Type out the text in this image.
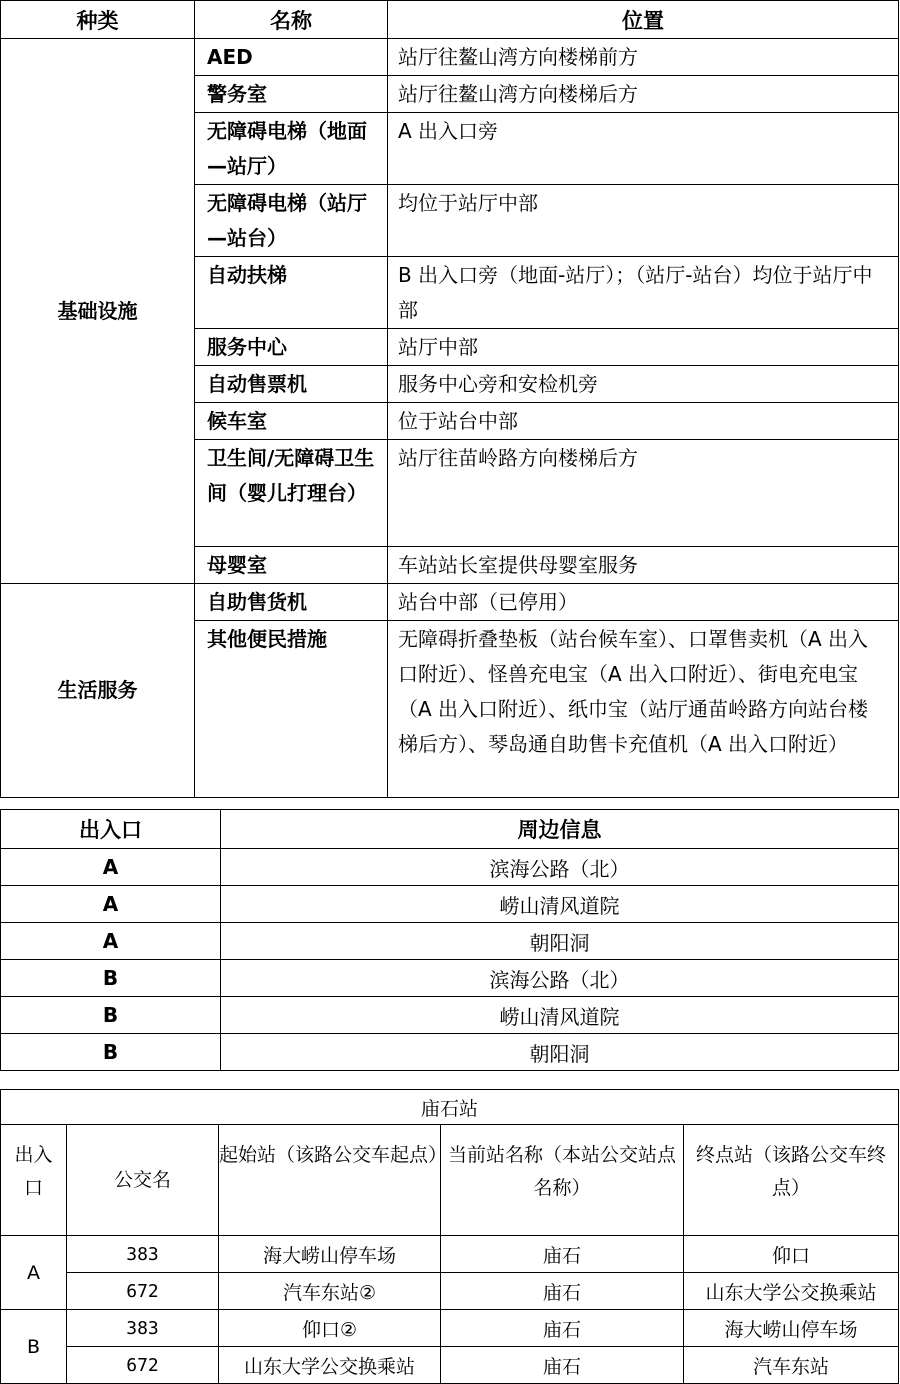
种类	名称	位置
基础设施	AED	站厅往鳌山湾方向楼梯前方
	警务室	站厅往鳌山湾方向楼梯后方
	无障碍电梯（地面—站厅）	A 出入口旁
	无障碍电梯（站厅—站台）	均位于站厅中部
	自动扶梯	B 出入口旁（地面-站厅）；（站厅-站台）均位于站厅中部
	服务中心	站厅中部
	自动售票机	服务中心旁和安检机旁
	候车室	位于站台中部
	卫生间/无障碍卫生间（婴儿打理台）	站厅往苗岭路方向楼梯后方
	母婴室	车站站长室提供母婴室服务
生活服务	自助售货机	站台中部（已停用）
	其他便民措施	无障碍折叠垫板（站台候车室）、口罩售卖机（A 出入口附近）、怪兽充电宝（A 出入口附近）、街电充电宝（A 出入口附近）、纸巾宝（站厅通苗岭路方向站台楼梯后方）、琴岛通自助售卡充值机（A 出入口附近）
出入口	周边信息
A	滨海公路（北）
A	崂山清风道院
A	朝阳洞
B	滨海公路（北）
B	崂山清风道院
B	朝阳洞
庙石站				
出入口	公交名	起始站（该路公交车起点）	当前站名称（本站公交站点名称）	终点站（该路公交车终点）
A	383	海大崂山停车场	庙石	仰口
	672	汽车东站②	庙石	山东大学公交换乘站
B	383	仰口②	庙石	海大崂山停车场
	672	山东大学公交换乘站	庙石	汽车东站
